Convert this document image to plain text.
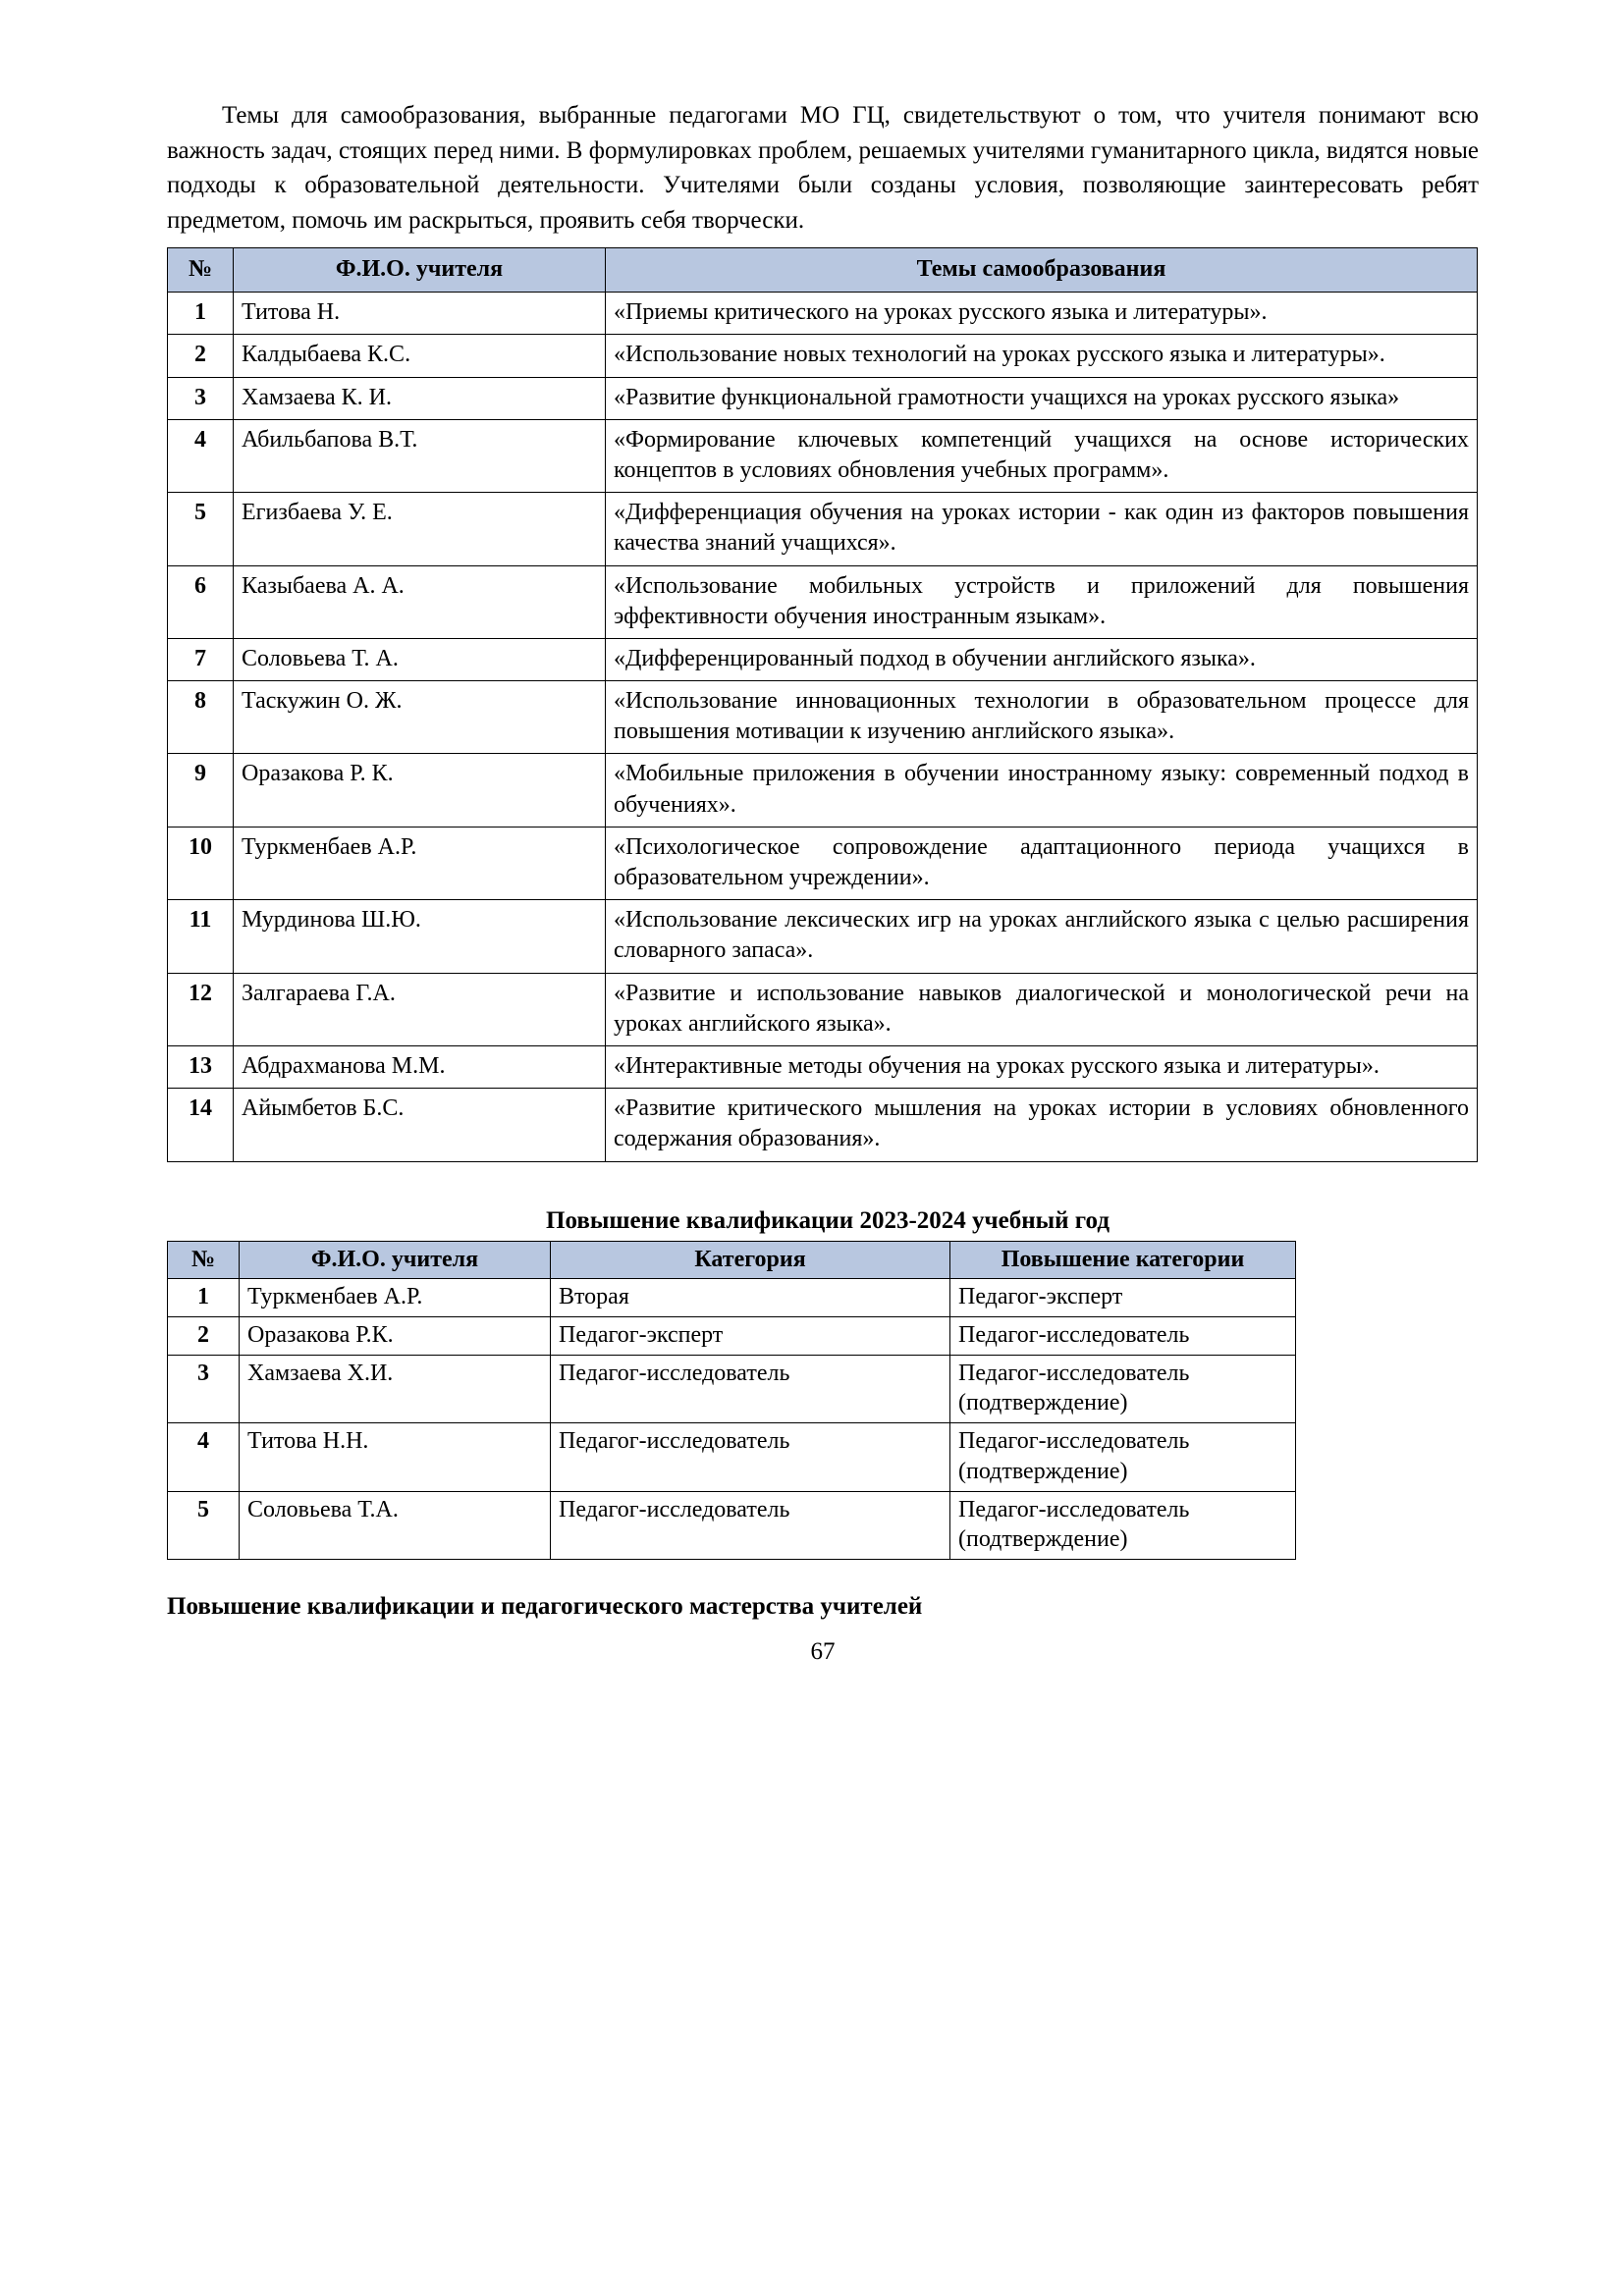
Темы для самообразования, выбранные педагогами МО ГЦ, свидетельствуют о том, что учителя понимают всю важность задач, стоящих перед ними. В формулировках проблем, решаемых учителями гуманитарного цикла, видятся новые подходы к образовательной деятельности. Учителями были созданы условия, позволяющие заинтересовать ребят предметом, помочь им раскрыться, проявить себя творчески.

№	Ф.И.О. учителя	Темы самообразования
1	Титова Н.	«Приемы критического на уроках русского языка и литературы».
2	Калдыбаева К.С.	«Использование новых технологий на уроках русского языка и литературы».
3	Хамзаева К. И.	«Развитие функциональной грамотности учащихся на уроках русского языка»
4	Абильбапова В.Т.	«Формирование ключевых компетенций учащихся на основе исторических концептов в условиях обновления учебных программ».
5	Егизбаева У. Е.	«Дифференциация обучения на уроках истории - как один из факторов повышения качества знаний учащихся».
6	Казыбаева А. А.	«Использование мобильных устройств и приложений для повышения эффективности обучения иностранным языкам».
7	Соловьева Т. А.	«Дифференцированный подход в обучении английского языка».
8	Таскужин О. Ж.	«Использование инновационных технологии в образовательном процессе для повышения мотивации к изучению английского языка».
9	Оразакова Р. К.	«Мобильные приложения в обучении иностранному языку: современный подход в обучениях».
10	Туркменбаев А.Р.	«Психологическое сопровождение адаптационного периода учащихся в образовательном учреждении».
11	Мурдинова Ш.Ю.	«Использование лексических игр на уроках английского языка с целью расширения словарного запаса».
12	Залгараева Г.А.	«Развитие и использование навыков диалогической и монологической речи на уроках английского языка».
13	Абдрахманова М.М.	«Интерактивные методы обучения на уроках русского языка и литературы».
14	Айымбетов Б.С.	«Развитие критического мышления на уроках истории в условиях обновленного содержания образования».
Повышение квалификации 2023-2024 учебный год
№	Ф.И.О. учителя	Категория	Повышение категории
1	Туркменбаев А.Р.	Вторая	Педагог-эксперт
2	Оразакова Р.К.	Педагог-эксперт	Педагог-исследователь
3	Хамзаева Х.И.	Педагог-исследователь	Педагог-исследователь (подтверждение)
4	Титова Н.Н.	Педагог-исследователь	Педагог-исследователь (подтверждение)
5	Соловьева Т.А.	Педагог-исследователь	Педагог-исследователь (подтверждение)
Повышение квалификации и педагогического мастерства учителей
67
